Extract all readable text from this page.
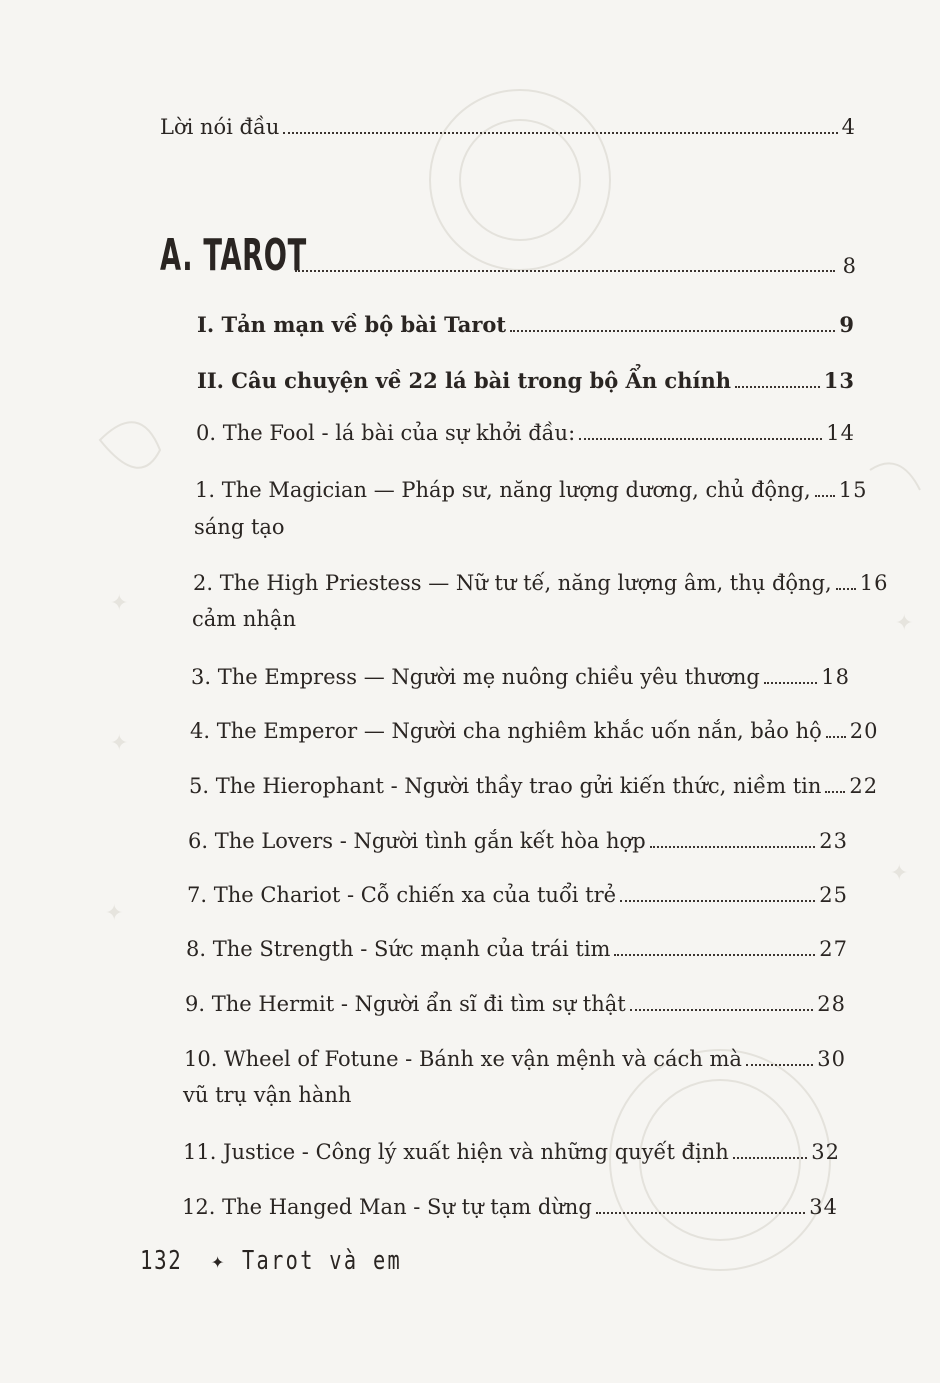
✦
✦
✦
✦
✦
Lời nói đầu	4
A. TAROT	8
I. Tản mạn về bộ bài Tarot	9
II. Câu chuyện về 22 lá bài trong bộ Ẩn chính	13
0. The Fool - lá bài của sự khởi đầu:	14
1. The Magician — Pháp sư, năng lượng dương, chủ động, 15
sáng tạo
2. The High Priestess — Nữ tư tế, năng lượng âm, thụ động, 16
cảm nhận
3. The Empress — Người mẹ nuông chiều yêu thương	18
4. The Emperor — Người cha nghiêm khắc uốn nắn, bảo hộ 20
5. The Hierophant - Người thầy trao gửi kiến thức, niềm tin 22
6. The Lovers - Người tình gắn kết hòa hợp	23
7. The Chariot - Cỗ chiến xa của tuổi trẻ	25
8. The Strength - Sức mạnh của trái tim	27
9. The Hermit - Người ẩn sĩ đi tìm sự thật	28
10. Wheel of Fotune - Bánh xe vận mệnh và cách mà	30
vũ trụ vận hành
11. Justice - Công lý xuất hiện và những quyết định	32
12. The Hanged Man - Sự tự tạm dừng	34
132 ✦ Tarot và em
